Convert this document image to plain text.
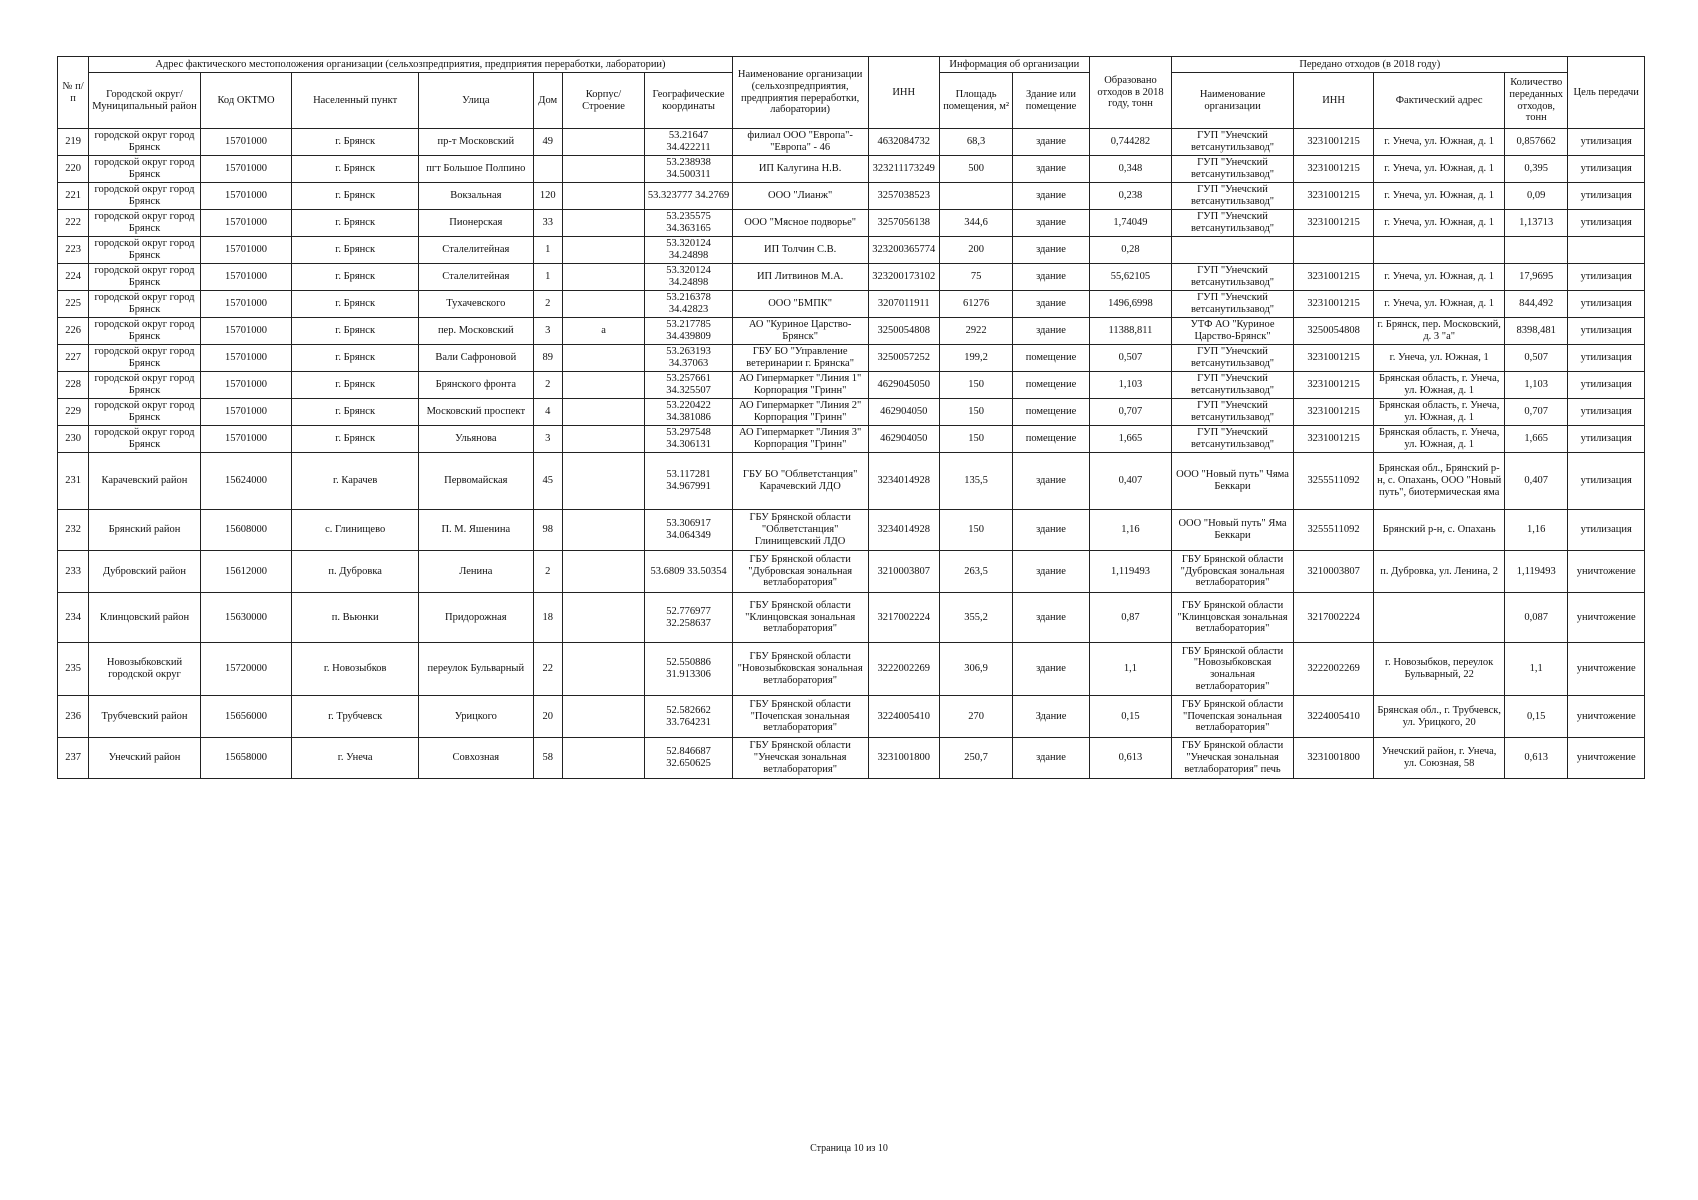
№ п/п	Адрес фактического местоположения организации (сельхозпредприятия, предприятия переработки, лаборатории)							Наименование организации (сельхозпредприятия, предприятия переработки, лаборатории)	ИНН	Информация об организации		Образовано отходов в 2018 году, тонн	Передано отходов (в 2018 году)				Цель передачи
	Городской округ/Муниципальный район	Код ОКТМО	Населенный пункт	Улица	Дом	Корпус/Строение	Географические координаты			Площадь помещения, м²	Здание или помещение		Наименование организации	ИНН	Фактический адрес	Количество переданных отходов, тонн	
219	городской округ город Брянск	15701000	г. Брянск	пр-т Московский	49		53.21647 34.422211	филиал ООО "Европа"- "Европа" - 46	4632084732	68,3	здание	0,744282	ГУП "Унечский ветсанутильзавод"	3231001215	г. Унеча, ул. Южная, д. 1	0,857662	утилизация
220	городской округ город Брянск	15701000	г. Брянск	пгт Большое Полпино			53.238938 34.500311	ИП Калугина Н.В.	323211173249	500	здание	0,348	ГУП "Унечский ветсанутильзавод"	3231001215	г. Унеча, ул. Южная, д. 1	0,395	утилизация
221	городской округ город Брянск	15701000	г. Брянск	Вокзальная	120		53.323777 34.2769	ООО "Лианж"	3257038523		здание	0,238	ГУП "Унечский ветсанутильзавод"	3231001215	г. Унеча, ул. Южная, д. 1	0,09	утилизация
222	городской округ город Брянск	15701000	г. Брянск	Пионерская	33		53.235575 34.363165	ООО "Мясное подворье"	3257056138	344,6	здание	1,74049	ГУП "Унечский ветсанутильзавод"	3231001215	г. Унеча, ул. Южная, д. 1	1,13713	утилизация
223	городской округ город Брянск	15701000	г. Брянск	Сталелитейная	1		53.320124 34.24898	ИП Толчин С.В.	323200365774	200	здание	0,28					
224	городской округ город Брянск	15701000	г. Брянск	Сталелитейная	1		53.320124 34.24898	ИП Литвинов М.А.	323200173102	75	здание	55,62105	ГУП "Унечский ветсанутильзавод"	3231001215	г. Унеча, ул. Южная, д. 1	17,9695	утилизация
225	городской округ город Брянск	15701000	г. Брянск	Тухачевского	2		53.216378 34.42823	ООО "БМПК"	3207011911	61276	здание	1496,6998	ГУП "Унечский ветсанутильзавод"	3231001215	г. Унеча, ул. Южная, д. 1	844,492	утилизация
226	городской округ город Брянск	15701000	г. Брянск	пер. Московский	3	а	53.217785 34.439809	АО "Куриное Царство- Брянск"	3250054808	2922	здание	11388,811	УТФ АО "Куриное Царство-Брянск"	3250054808	г. Брянск, пер. Московский, д. 3 "а"	8398,481	утилизация
227	городской округ город Брянск	15701000	г. Брянск	Вали Сафроновой	89		53.263193 34.37063	ГБУ БО "Управление ветеринарии г. Брянска"	3250057252	199,2	помещение	0,507	ГУП "Унечский ветсанутильзавод"	3231001215	г. Унеча, ул. Южная, 1	0,507	утилизация
228	городской округ город Брянск	15701000	г. Брянск	Брянского фронта	2		53.257661 34.325507	АО Гипермаркет "Линия 1" Корпорация "Гринн"	4629045050	150	помещение	1,103	ГУП "Унечский ветсанутильзавод"	3231001215	Брянская область, г. Унеча, ул. Южная, д. 1	1,103	утилизация
229	городской округ город Брянск	15701000	г. Брянск	Московский проспект	4		53.220422 34.381086	АО Гипермаркет "Линия 2" Корпорация "Гринн"	462904050	150	помещение	0,707	ГУП "Унечский ветсанутильзавод"	3231001215	Брянская область, г. Унеча, ул. Южная, д. 1	0,707	утилизация
230	городской округ город Брянск	15701000	г. Брянск	Ульянова	3		53.297548 34.306131	АО Гипермаркет "Линия 3" Корпорация "Гринн"	462904050	150	помещение	1,665	ГУП "Унечский ветсанутильзавод"	3231001215	Брянская область, г. Унеча, ул. Южная, д. 1	1,665	утилизация
231	Карачевский район	15624000	г. Карачев	Первомайская	45		53.117281 34.967991	ГБУ БО "Облветстанция" Карачевский ЛДО	3234014928	135,5	здание	0,407	ООО "Новый путь" Чяма Беккари	3255511092	Брянская обл., Брянский р-н, с. Опахань, ООО "Новый путь", биотермическая яма	0,407	утилизация
232	Брянский район	15608000	с. Глинищево	П. М. Яшенина	98		53.306917 34.064349	ГБУ Брянской области "Облветстанция" Глинищевский ЛДО	3234014928	150	здание	1,16	ООО "Новый путь" Яма Беккари	3255511092	Брянский р-н, с. Опахань	1,16	утилизация
233	Дубровский район	15612000	п. Дубровка	Ленина	2		53.6809 33.50354	ГБУ Брянской области "Дубровская зональная ветлаборатория"	3210003807	263,5	здание	1,119493	ГБУ Брянской области "Дубровская зональная ветлаборатория"	3210003807	п. Дубровка, ул. Ленина, 2	1,119493	уничтожение
234	Клинцовский район	15630000	п. Вьюнки	Придорожная	18		52.776977 32.258637	ГБУ Брянской области "Клинцовская зональная ветлаборатория"	3217002224	355,2	здание	0,87	ГБУ Брянской области "Клинцовская зональная ветлаборатория"	3217002224		0,087	уничтожение
235	Новозыбковский городской округ	15720000	г. Новозыбков	переулок Бульварный	22		52.550886 31.913306	ГБУ Брянской области "Новозыбковская зональная ветлаборатория"	3222002269	306,9	здание	1,1	ГБУ Брянской области "Новозыбковская зональная ветлаборатория"	3222002269	г. Новозыбков, переулок Бульварный, 22	1,1	уничтожение
236	Трубчевский район	15656000	г. Трубчевск	Урицкого	20		52.582662 33.764231	ГБУ Брянской области "Почепская зональная ветлаборатория"	3224005410	270	Здание	0,15	ГБУ Брянской области "Почепская зональная ветлаборатория"	3224005410	Брянская обл., г. Трубчевск, ул. Урицкого, 20	0,15	уничтожение
237	Унечский район	15658000	г. Унеча	Совхозная	58		52.846687 32.650625	ГБУ Брянской области "Унечская зональная ветлаборатория"	3231001800	250,7	здание	0,613	ГБУ Брянской области "Унечская зональная ветлаборатория" печь	3231001800	Унечский район, г. Унеча, ул. Союзная, 58	0,613	уничтожение
Страница 10 из 10
